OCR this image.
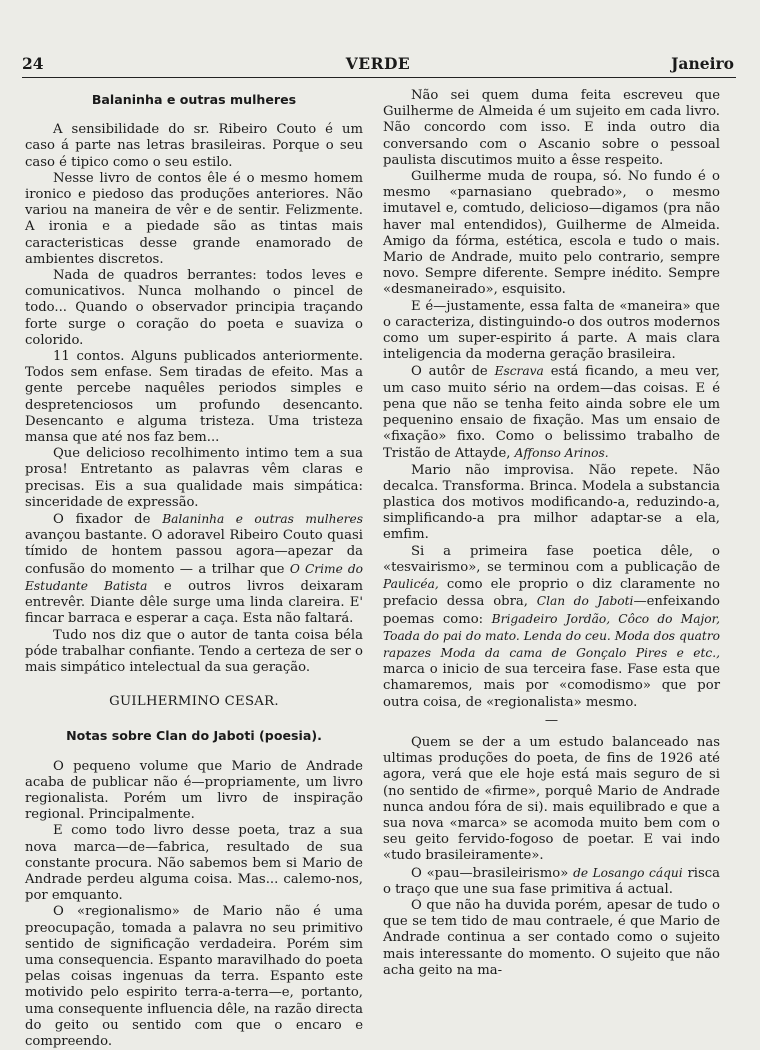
24	VERDE	Janeiro
Balaninha e outras mulheres

A sensibilidade do sr. Ribeiro Couto é um caso á parte nas letras brasileiras. Porque o seu caso é tipico como o seu estilo.

Nesse livro de contos êle é o mesmo homem ironico e piedoso das produções anteriores. Não variou na maneira de vêr e de sentir. Felizmente. A ironia e a piedade são as tintas mais caracteristicas desse grande enamorado de ambientes discretos.

Nada de quadros berrantes: todos leves e comunicativos. Nunca molhando o pincel de todo... Quando o observador principia traçando forte surge o coração do poeta e suaviza o colorido.

11 contos. Alguns publicados anteriormente. Todos sem enfase. Sem tiradas de efeito. Mas a gente percebe naquêles periodos simples e despretenciosos um profundo desencanto. Desencanto e alguma tristeza. Uma tristeza mansa que até nos faz bem...

Que delicioso recolhimento intimo tem a sua prosa! Entretanto as palavras vêm claras e precisas. Eis a sua qualidade mais simpática: sinceridade de expressão.

O fixador de Balaninha e outras mulheres avançou bastante. O adoravel Ribeiro Couto quasi tímido de hontem passou agora—apezar da confusão do momento — a trilhar que O Crime do Estudante Batista e outros livros deixaram entrevêr. Diante dêle surge uma linda clareira. E' fincar barraca e esperar a caça. Esta não faltará.

Tudo nos diz que o autor de tanta coisa béla póde trabalhar confiante. Tendo a certeza de ser o mais simpático intelectual da sua geração.

GUILHERMINO CESAR.
Notas sobre Clan do Jaboti (poesia).

O pequeno volume que Mario de Andrade acaba de publicar não é—propriamente, um livro regionalista. Porém um livro de inspiração regional. Principalmente.

E como todo livro desse poeta, traz a sua nova marca—de—fabrica, resultado de sua constante procura. Não sabemos bem si Mario de Andrade perdeu alguma coisa. Mas... calemo-nos, por emquanto.

O «regionalismo» de Mario não é uma preocupação, tomada a palavra no seu primitivo sentido de significação verdadeira. Porém sim uma consequencia. Espanto maravilhado do poeta pelas coisas ingenuas da terra. Espanto este motivido pelo espirito terra-a-terra—e, portanto, uma consequente influencia dêle, na razão directa do geito ou sentido com que o encaro e compreendo.

Não sei quem duma feita escreveu que Guilherme de Almeida é um sujeito em cada livro. Não concordo com isso. E inda outro dia conversando com o Ascanio sobre o pessoal paulista discutimos muito a êsse respeito.

Guilherme muda de roupa, só. No fundo é o mesmo «parnasiano quebrado», o mesmo imutavel e, comtudo, delicioso—digamos (pra não haver mal entendidos), Guilherme de Almeida. Amigo da fórma, estética, escola e tudo o mais. Mario de Andrade, muito pelo contrario, sempre novo. Sempre diferente. Sempre inédito. Sempre «desmaneirado», esquisito.

E é—justamente, essa falta de «maneira» que o caracteriza, distinguindo-o dos outros modernos como um super-espirito á parte. A mais clara inteligencia da moderna geração brasileira.

O autôr de Escrava está ficando, a meu ver, um caso muito sério na ordem—das coisas. E é pena que não se tenha feito ainda sobre ele um pequenino ensaio de fixação. Mas um ensaio de «fixação» fixo. Como o belissimo trabalho de Tristão de Attayde, Affonso Arinos.

Mario não improvisa. Não repete. Não decalca. Transforma. Brinca. Modela a substancia plastica dos motivos modificando-a, reduzindo-a, simplificando-a pra milhor adaptar-se a ela, emfim.

Si a primeira fase poetica dêle, o «tesvairismo», se terminou com a publicação de Paulicéa, como ele proprio o diz claramente no prefacio dessa obra, Clan do Jaboti—enfeixando poemas como: Brigadeiro Jordão, Côco do Major, Toada do pai do mato. Lenda do ceu. Moda dos quatro rapazes Moda da cama de Gonçalo Pires e etc., marca o inicio de sua terceira fase. Fase esta que chamaremos, mais por «comodismo» que por outra coisa, de «regionalista» mesmo.

—

Quem se der a um estudo balanceado nas ultimas produções do poeta, de fins de 1926 até agora, verá que ele hoje está mais seguro de si (no sentido de «firme», porquê Mario de Andrade nunca andou fóra de si). mais equilibrado e que a sua nova «marca» se acomoda muito bem com o seu geito fervido-fogoso de poetar. E vai indo «tudo brasileiramente».

O «pau—brasileirismo» de Losango cáqui risca o traço que une sua fase primitiva á actual.

O que não ha duvida porém, apesar de tudo o que se tem tido de mau contraele, é que Mario de Andrade continua a ser contado como o sujeito mais interessante do momento. O sujeito que não acha geito na ma-
